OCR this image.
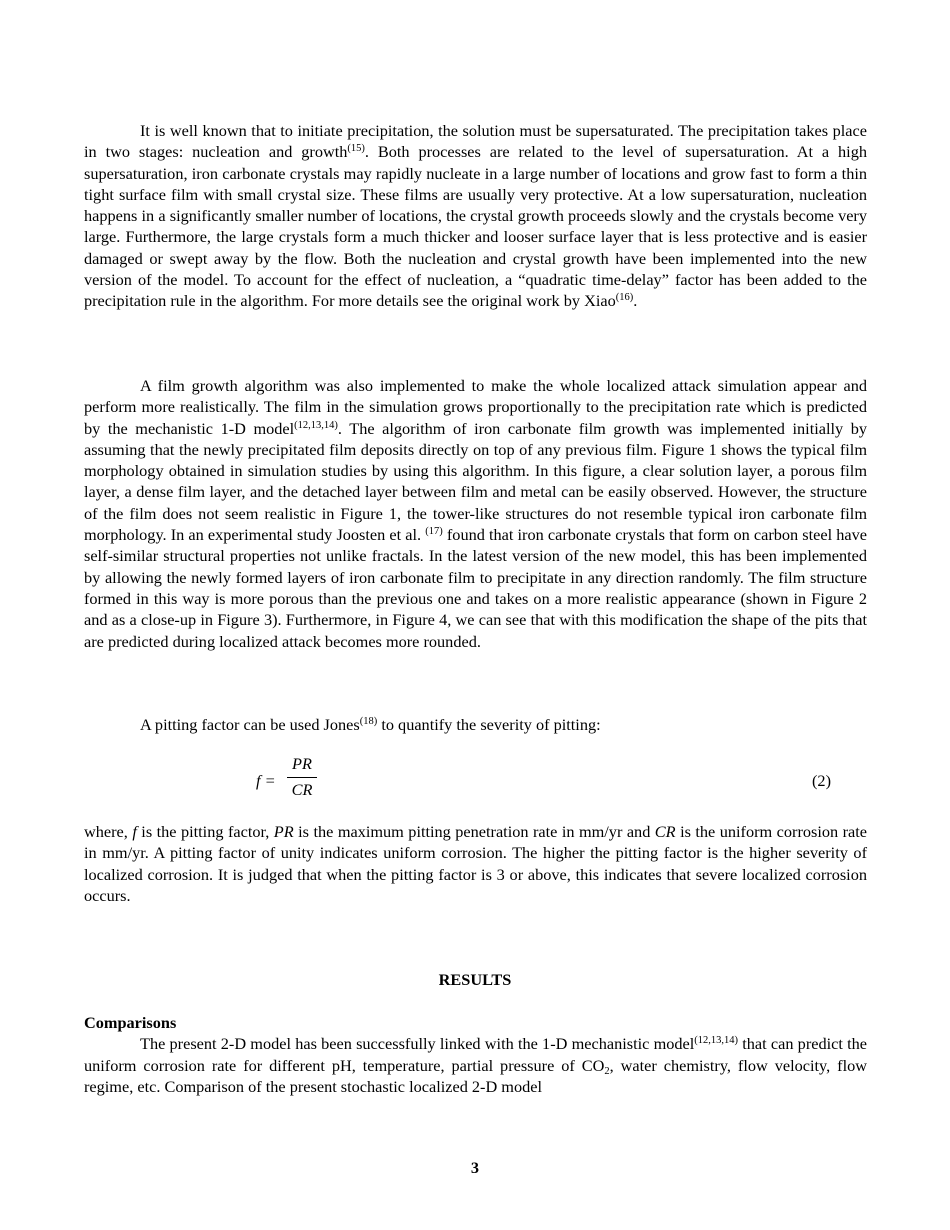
It is well known that to initiate precipitation, the solution must be supersaturated. The precipitation takes place in two stages: nucleation and growth$^{(15)}$. Both processes are related to the level of supersaturation. At a high supersaturation, iron carbonate crystals may rapidly nucleate in a large number of locations and grow fast to form a thin tight surface film with small crystal size. These films are usually very protective. At a low supersaturation, nucleation happens in a significantly smaller number of locations, the crystal growth proceeds slowly and the crystals become very large. Furthermore, the large crystals form a much thicker and looser surface layer that is less protective and is easier damaged or swept away by the flow. Both the nucleation and crystal growth have been implemented into the new version of the model. To account for the effect of nucleation, a “quadratic time-delay” factor has been added to the precipitation rule in the algorithm. For more details see the original work by Xiao$^{(16)}$.

A film growth algorithm was also implemented to make the whole localized attack simulation appear and perform more realistically. The film in the simulation grows proportionally to the precipitation rate which is predicted by the mechanistic 1-D model$^{(12,13,14)}$. The algorithm of iron carbonate film growth was implemented initially by assuming that the newly precipitated film deposits directly on top of any previous film. Figure 1 shows the typical film morphology obtained in simulation studies by using this algorithm. In this figure, a clear solution layer, a porous film layer, a dense film layer, and the detached layer between film and metal can be easily observed. However, the structure of the film does not seem realistic in Figure 1, the tower-like structures do not resemble typical iron carbonate film morphology. In an experimental study Joosten et al. $^{(17)}$ found that iron carbonate crystals that form on carbon steel have self-similar structural properties not unlike fractals. In the latest version of the new model, this has been implemented by allowing the newly formed layers of iron carbonate film to precipitate in any direction randomly. The film structure formed in this way is more porous than the previous one and takes on a more realistic appearance (shown in Figure 2 and as a close-up in Figure 3). Furthermore, in Figure 4, we can see that with this modification the shape of the pits that are predicted during localized attack becomes more rounded.

A pitting factor can be used Jones$^{(18)}$ to quantify the severity of pitting:

f =
PR
CR	(2)

where, f is the pitting factor, PR is the maximum pitting penetration rate in mm/yr and CR is the uniform corrosion rate in mm/yr. A pitting factor of unity indicates uniform corrosion. The higher the pitting factor is the higher severity of localized corrosion. It is judged that when the pitting factor is 3 or above, this indicates that severe localized corrosion occurs.

RESULTS
Comparisons

The present 2-D model has been successfully linked with the 1-D mechanistic model$^{(12,13,14)}$ that can predict the uniform corrosion rate for different pH, temperature, partial pressure of $CO_2$, water chemistry, flow velocity, flow regime, etc. Comparison of the present stochastic localized 2-D model

3
